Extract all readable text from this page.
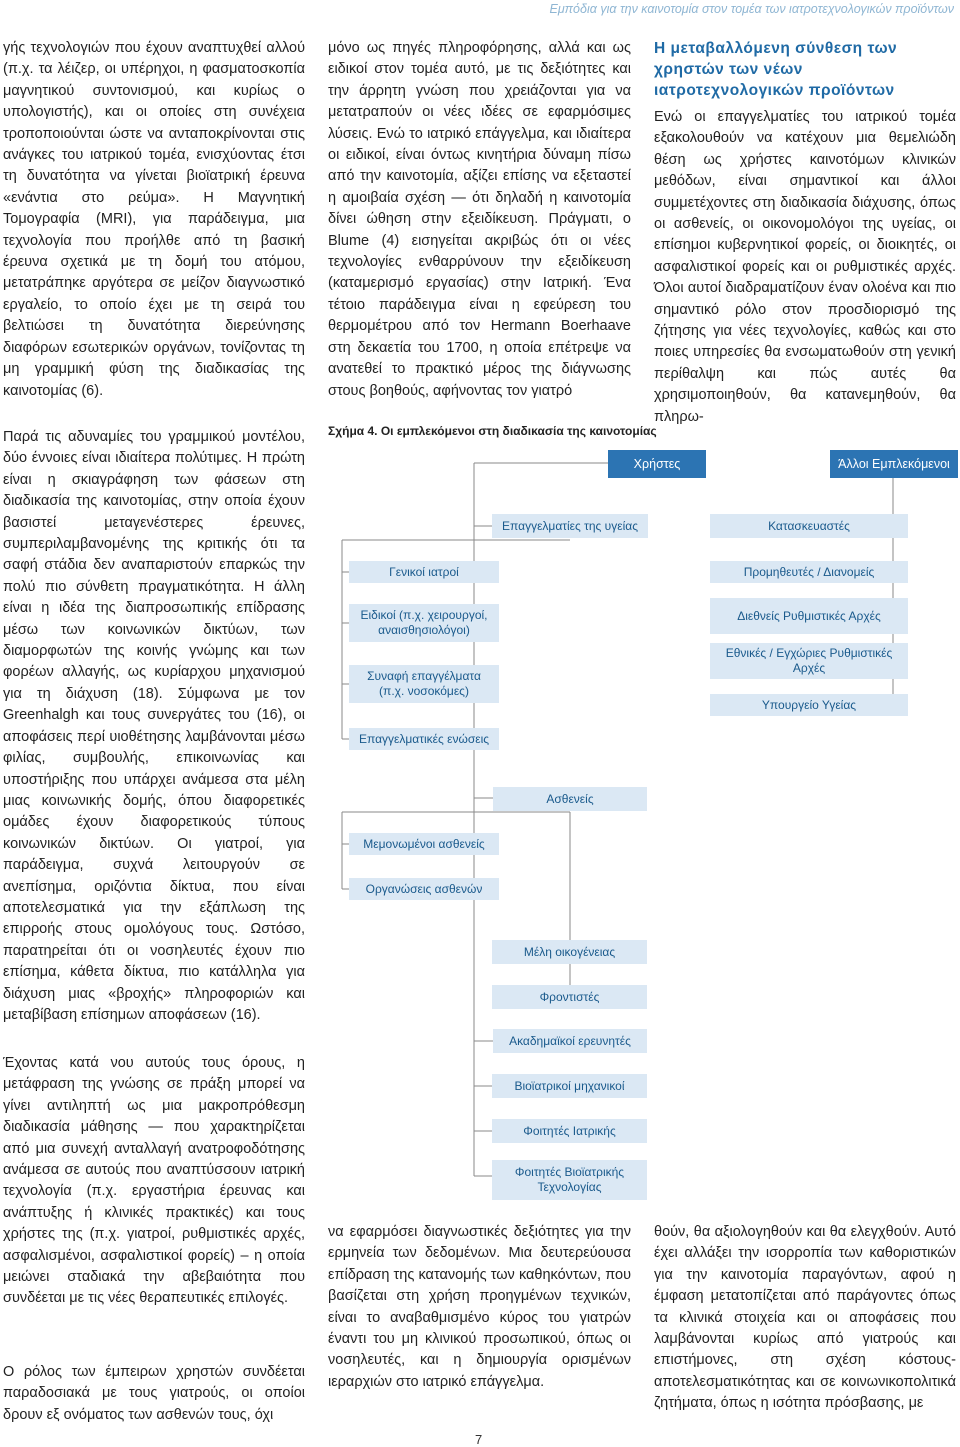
Εμπόδια για την καινοτομία στον τομέα των ιατροτεχνολογικών προϊόντων

γής τεχνολογιών που έχουν αναπτυχθεί αλλού (π.χ. τα λέιζερ, οι υπέρηχοι, η φασματοσκοπία μαγνητικού συντονισμού, και κυρίως ο υπολογιστής), και οι οποίες στη συνέχεια τροποποιούνται ώστε να ανταποκρίνονται στις ανάγκες του ιατρικού τομέα, ενισχύοντας έτσι τη δυνατότητα να γίνεται βιοϊατρική έρευνα «ενάντια στο ρεύμα». Η Μαγνητική Τομογραφία (MRI), για παράδειγμα, μια τεχνολογία που προήλθε από τη βασική έρευνα σχετικά με τη δομή του ατόμου, μετατράπηκε αργότερα σε μείζον διαγνωστικό εργαλείο, το οποίο έχει με τη σειρά του βελτιώσει τη δυνατότητα διερεύνησης διαφόρων εσωτερικών οργάνων, τονίζοντας τη μη γραμμική φύση της διαδικασίας της καινοτομίας (6).

Παρά τις αδυναμίες του γραμμικού μοντέλου, δύο έννοιες είναι ιδιαίτερα πολύτιμες. Η πρώτη είναι η σκιαγράφηση των φάσεων στη διαδικασία της καινοτομίας, στην οποία έχουν βασιστεί μεταγενέστερες έρευνες, συμπεριλαμβανομένης της κριτικής ότι τα σαφή στάδια δεν αναπαριστούν επαρκώς την πολύ πιο σύνθετη πραγματικότητα. Η άλλη είναι η ιδέα της διαπροσωπικής επίδρασης μέσω των κοινωνικών δικτύων, των διαμορφωτών της κοινής γνώμης και των φορέων αλλαγής, ως κυρίαρχου μηχανισμού για τη διάχυση (18). Σύμφωνα με τον Greenhalgh και τους συνεργάτες του (16), οι αποφάσεις περί υιοθέτησης λαμβάνονται μέσω φιλίας, συμβουλής, επικοινωνίας και υποστήριξης που υπάρχει ανάμεσα στα μέλη μιας κοινωνικής δομής, όπου διαφορετικές ομάδες έχουν διαφορετικούς τύπους κοινωνικών δικτύων. Οι γιατροί, για παράδειγμα, συχνά λειτουργούν σε ανεπίσημα, οριζόντια δίκτυα, που είναι αποτελεσματικά για την εξάπλωση της επιρροής στους ομολόγους τους. Ωστόσο, παρατηρείται ότι οι νοσηλευτές έχουν πιο επίσημα, κάθετα δίκτυα, πιο κατάλληλα για διάχυση μιας «βροχής» πληροφοριών και μεταβίβαση επίσημων αποφάσεων (16).

Έχοντας κατά νου αυτούς τους όρους, η μετάφραση της γνώσης σε πράξη μπορεί να γίνει αντιληπτή ως μια μακροπρόθεσμη διαδικασία μάθησης — που χαρακτηρίζεται από μια συνεχή ανταλλαγή ανατροφοδότησης ανάμεσα σε αυτούς που αναπτύσσουν ιατρική τεχνολογία (π.χ. εργαστήρια έρευνας και ανάπτυξης ή κλινικές πρακτικές) και τους χρήστες της (π.χ. γιατροί, ρυθμιστικές αρχές, ασφαλισμένοι, ασφαλιστικοί φορείς) – η οποία μειώνει σταδιακά την αβεβαιότητα που συνδέεται με τις νέες θεραπευτικές επιλογές.

Ο ρόλος των έμπειρων χρηστών συνδέεται παραδοσιακά με τους γιατρούς, οι οποίοι δρουν εξ ονόματος των ασθενών τους, όχι

μόνο ως πηγές πληροφόρησης, αλλά και ως ειδικοί στον τομέα αυτό, με τις δεξιότητες και την άρρητη γνώση που χρειάζονται για να μετατραπούν οι νέες ιδέες σε εφαρμόσιμες λύσεις. Ενώ το ιατρικό επάγγελμα, και ιδιαίτερα οι ειδικοί, είναι όντως κινητήρια δύναμη πίσω από την καινοτομία, αξίζει επίσης να εξεταστεί η αμοιβαία σχέση — ότι δηλαδή η καινοτομία δίνει ώθηση στην εξειδίκευση. Πράγματι, ο Blume (4) εισηγείται ακριβώς ότι οι νέες τεχνολογίες ενθαρρύνουν την εξειδίκευση (καταμερισμό εργασίας) στην Ιατρική. Ένα τέτοιο παράδειγμα είναι η εφεύρεση του θερμομέτρου από τον Hermann Boerhaave στη δεκαετία του 1700, η οποία επέτρεψε να ανατεθεί το πρακτικό μέρος της διάγνωσης στους βοηθούς, αφήνοντας τον γιατρό

να εφαρμόσει διαγνωστικές δεξιότητες για την ερμηνεία των δεδομένων. Μια δευτερεύουσα επίδραση της κατανομής των καθηκόντων, που βασίζεται στη χρήση προηγμένων τεχνικών, είναι το αναβαθμισμένο κύρος του γιατρών έναντι του μη κλινικού προσωπικού, όπως οι νοσηλευτές, και η δημιουργία ορισμένων ιεραρχιών στο ιατρικό επάγγελμα.

Η μεταβαλλόμενη σύνθεση των χρηστών των νέων ιατροτεχνολογικών προϊόντων

Ενώ οι επαγγελματίες του ιατρικού τομέα εξακολουθούν να κατέχουν μια θεμελιώδη θέση ως χρήστες καινοτόμων κλινικών μεθόδων, είναι σημαντικοί και άλλοι συμμετέχοντες στη διαδικασία διάχυσης, όπως οι ασθενείς, οι οικονομολόγοι της υγείας, οι επίσημοι κυβερνητικοί φορείς, οι διοικητές, οι ασφαλιστικοί φορείς και οι ρυθμιστικές αρχές. Όλοι αυτοί διαδραματίζουν έναν ολοένα και πιο σημαντικό ρόλο στον προσδιορισμό της ζήτησης για νέες τεχνολογίες, καθώς και στο ποιες υπηρεσίες θα ενσωματωθούν στη γενική περίθαλψη και πώς αυτές θα χρησιμοποιηθούν, θα κατανεμηθούν, θα πληρω-

θούν, θα αξιολογηθούν και θα ελεγχθούν. Αυτό έχει αλλάξει την ισορροπία των καθοριστικών για την καινοτομία παραγόντων, αφού η έμφαση μετατοπίζεται από παράγοντες όπως τα κλινικά στοιχεία και οι αποφάσεις που λαμβάνονται κυρίως από γιατρούς και επιστήμονες, στη σχέση κόστους-αποτελεσματικότητας και σε κοινωνικοπολιτικά ζητήματα, όπως η ισότητα πρόσβασης, με

Σχήμα 4. Οι εμπλεκόμενοι στη διαδικασία της καινοτομίας

Χρήστες	Άλλοι Εμπλεκόμενοι
Επαγγελματίες της υγείας
Γενικοί ιατροί
Ειδικοί (π.χ. χειρουργοί, αναισθησιολόγοι)
Συναφή επαγγέλματα (π.χ. νοσοκόμες)
Επαγγελματικές ενώσεις
Ασθενείς
Μεμονωμένοι ασθενείς
Οργανώσεις ασθενών
Μέλη οικογένειας
Φροντιστές
Ακαδημαϊκοί ερευνητές
Βιοϊατρικοί μηχανικοί
Φοιτητές Ιατρικής
Φοιτητές Βιοϊατρικής Τεχνολογίας
Κατασκευαστές
Προμηθευτές / Διανομείς
Διεθνείς Ρυθμιστικές Αρχές
Εθνικές / Εγχώριες Ρυθμιστικές Αρχές
Υπουργείο Υγείας
7
